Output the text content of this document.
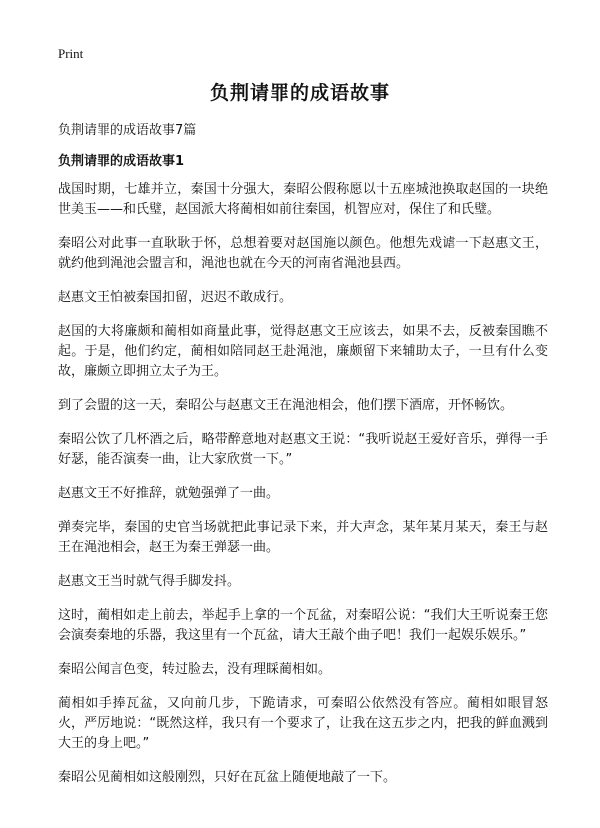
Print
负荆请罪的成语故事

负荆请罪的成语故事7篇

负荆请罪的成语故事1

战国时期，七雄并立，秦国十分强大，秦昭公假称愿以十五座城池换取赵国的一块绝世美玉——和氏璧，赵国派大将蔺相如前往秦国，机智应对，保住了和氏璧。

秦昭公对此事一直耿耿于怀，总想着要对赵国施以颜色。他想先戏谑一下赵惠文王，就约他到渑池会盟言和，渑池也就在今天的河南省渑池县西。

赵惠文王怕被秦国扣留，迟迟不敢成行。

赵国的大将廉颇和蔺相如商量此事，觉得赵惠文王应该去，如果不去，反被秦国瞧不起。于是，他们约定，蔺相如陪同赵王赴渑池，廉颇留下来辅助太子，一旦有什么变故，廉颇立即拥立太子为王。

到了会盟的这一天，秦昭公与赵惠文王在渑池相会，他们摆下酒席，开怀畅饮。

秦昭公饮了几杯酒之后，略带醉意地对赵惠文王说：“我听说赵王爱好音乐，弹得一手好瑟，能否演奏一曲，让大家欣赏一下。”

赵惠文王不好推辞，就勉强弹了一曲。

弹奏完毕，秦国的史官当场就把此事记录下来，并大声念，某年某月某天，秦王与赵王在渑池相会，赵王为秦王弹瑟一曲。

赵惠文王当时就气得手脚发抖。

这时，蔺相如走上前去，举起手上拿的一个瓦盆，对秦昭公说：“我们大王听说秦王您会演奏秦地的乐器，我这里有一个瓦盆，请大王敲个曲子吧！我们一起娱乐娱乐。”

秦昭公闻言色变，转过脸去，没有理睬蔺相如。

蔺相如手捧瓦盆，又向前几步，下跪请求，可秦昭公依然没有答应。蔺相如眼冒怒火，严厉地说：“既然这样，我只有一个要求了，让我在这五步之内，把我的鲜血溅到大王的身上吧。”

秦昭公见蔺相如这般刚烈，只好在瓦盆上随便地敲了一下。
